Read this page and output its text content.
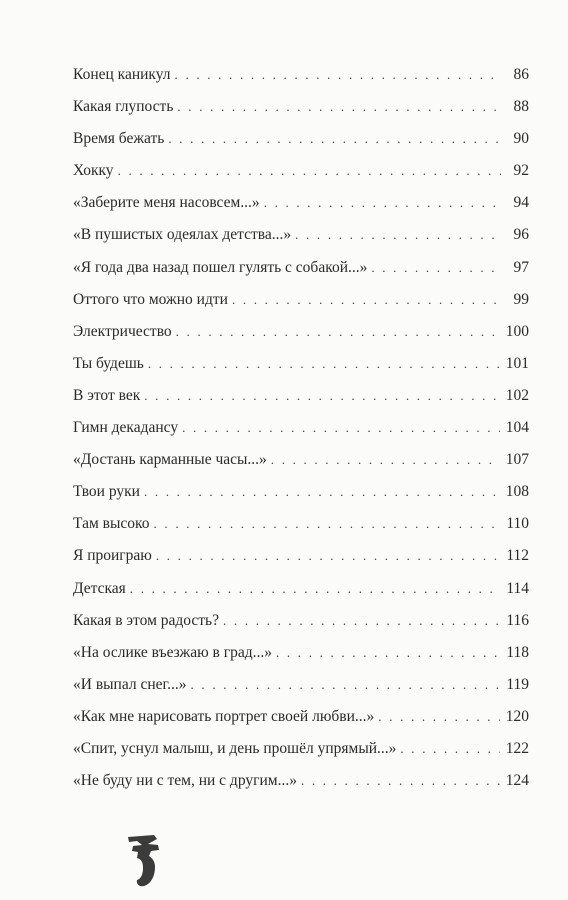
Конец каникул . . .	86
Какая глупость . . .	88
Время бежать . . .	90
Хокку . . .	92
«Заберите меня насовсем...» . . .	94
«В пушистых одеялах детства...» . . .	96
«Я года два назад пошел гулять с собакой...» . . .	97
Оттого что можно идти . . .	99
Электричество . . .	100
Ты будешь . . .	101
В этот век . . .	102
Гимн декадансу . . .	104
«Достань карманные часы...» . . .	107
Твои руки . . .	108
Там высоко . . .	110
Я проиграю . . .	112
Детская . . .	114
Какая в этом радость? . . .	116
«На ослике въезжаю в град...» . . .	118
«И выпал снег...» . . .	119
«Как мне нарисовать портрет своей любви...» . . .	120
«Спит, уснул малыш, и день прошёл упрямый...» . . .	122
«Не буду ни с тем, ни с другим...» . . .	124
